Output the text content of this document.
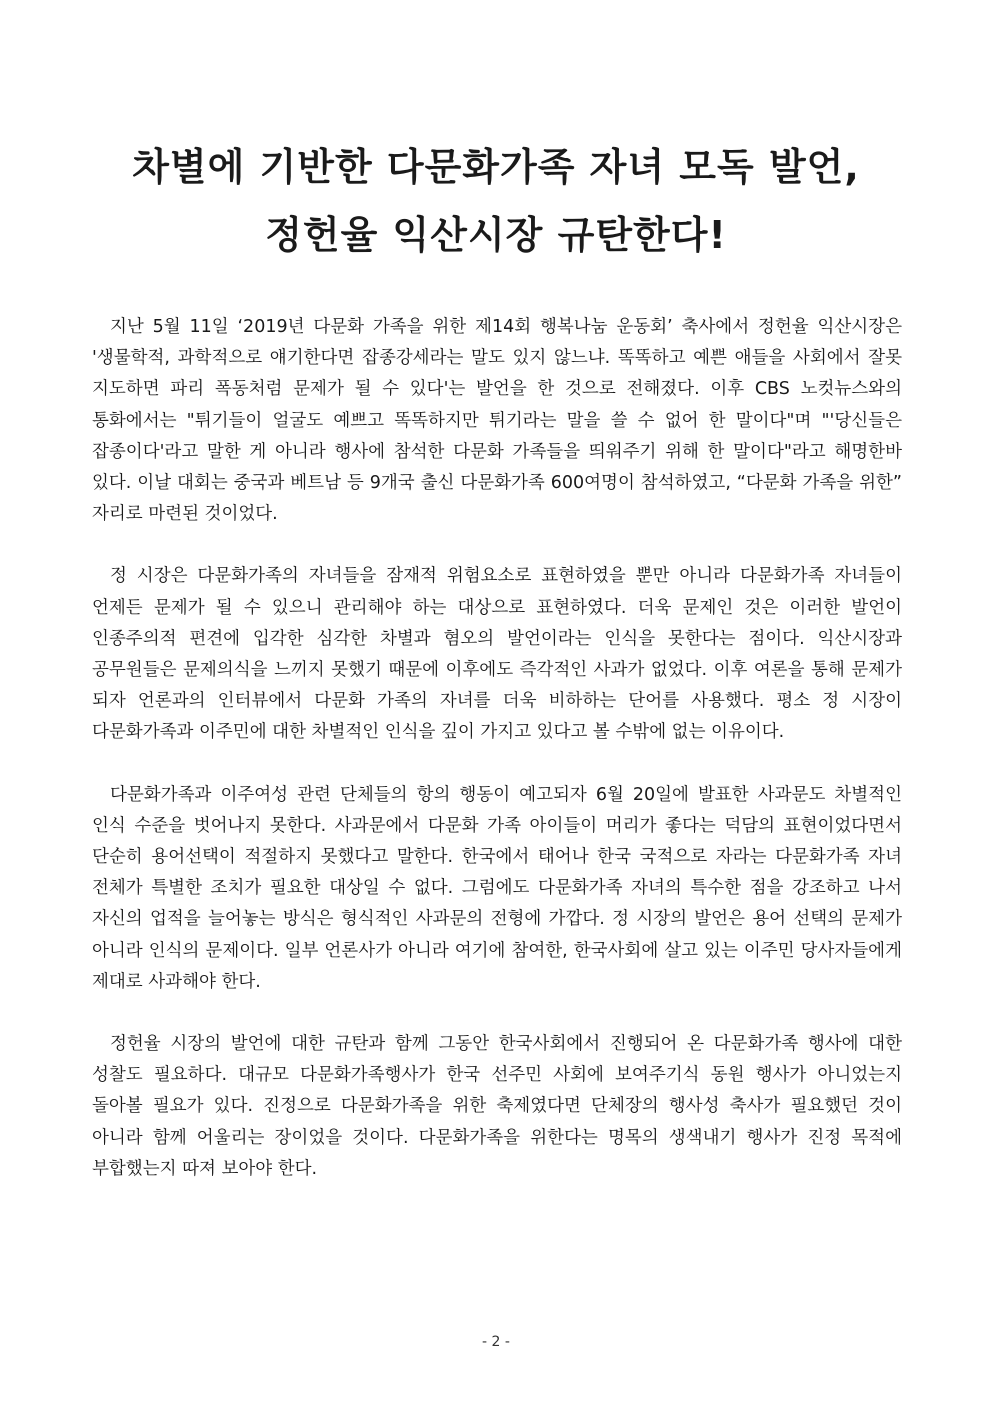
차별에 기반한 다문화가족 자녀 모독 발언,
정헌율 익산시장 규탄한다!

지난 5월 11일 ‘2019년 다문화 가족을 위한 제14회 행복나눔 운동회’ 축사에서 정헌율 익산시장은 '생물학적, 과학적으로 얘기한다면 잡종강세라는 말도 있지 않느냐. 똑똑하고 예쁜 애들을 사회에서 잘못 지도하면 파리 폭동처럼 문제가 될 수 있다'는 발언을 한 것으로 전해졌다. 이후 CBS 노컷뉴스와의 통화에서는 "튀기들이 얼굴도 예쁘고 똑똑하지만 튀기라는 말을 쓸 수 없어 한 말이다"며 "'당신들은 잡종이다'라고 말한 게 아니라 행사에 참석한 다문화 가족들을 띄워주기 위해 한 말이다"라고 해명한바 있다. 이날 대회는 중국과 베트남 등 9개국 출신 다문화가족 600여명이 참석하였고, “다문화 가족을 위한” 자리로 마련된 것이었다.

정 시장은 다문화가족의 자녀들을 잠재적 위험요소로 표현하였을 뿐만 아니라 다문화가족 자녀들이 언제든 문제가 될 수 있으니 관리해야 하는 대상으로 표현하였다. 더욱 문제인 것은 이러한 발언이 인종주의적 편견에 입각한 심각한 차별과 혐오의 발언이라는 인식을 못한다는 점이다. 익산시장과 공무원들은 문제의식을 느끼지 못했기 때문에 이후에도 즉각적인 사과가 없었다. 이후 여론을 통해 문제가 되자 언론과의 인터뷰에서 다문화 가족의 자녀를 더욱 비하하는 단어를 사용했다. 평소 정 시장이 다문화가족과 이주민에 대한 차별적인 인식을 깊이 가지고 있다고 볼 수밖에 없는 이유이다.

다문화가족과 이주여성 관련 단체들의 항의 행동이 예고되자 6월 20일에 발표한 사과문도 차별적인 인식 수준을 벗어나지 못한다. 사과문에서 다문화 가족 아이들이 머리가 좋다는 덕담의 표현이었다면서 단순히 용어선택이 적절하지 못했다고 말한다. 한국에서 태어나 한국 국적으로 자라는 다문화가족 자녀 전체가 특별한 조치가 필요한 대상일 수 없다. 그럼에도 다문화가족 자녀의 특수한 점을 강조하고 나서 자신의 업적을 늘어놓는 방식은 형식적인 사과문의 전형에 가깝다. 정 시장의 발언은 용어 선택의 문제가 아니라 인식의 문제이다. 일부 언론사가 아니라 여기에 참여한, 한국사회에 살고 있는 이주민 당사자들에게 제대로 사과해야 한다.

정헌율 시장의 발언에 대한 규탄과 함께 그동안 한국사회에서 진행되어 온 다문화가족 행사에 대한 성찰도 필요하다. 대규모 다문화가족행사가 한국 선주민 사회에 보여주기식 동원 행사가 아니었는지 돌아볼 필요가 있다. 진정으로 다문화가족을 위한 축제였다면 단체장의 행사성 축사가 필요했던 것이 아니라 함께 어울리는 장이었을 것이다. 다문화가족을 위한다는 명목의 생색내기 행사가 진정 목적에 부합했는지 따져 보아야 한다.

- 2 -
